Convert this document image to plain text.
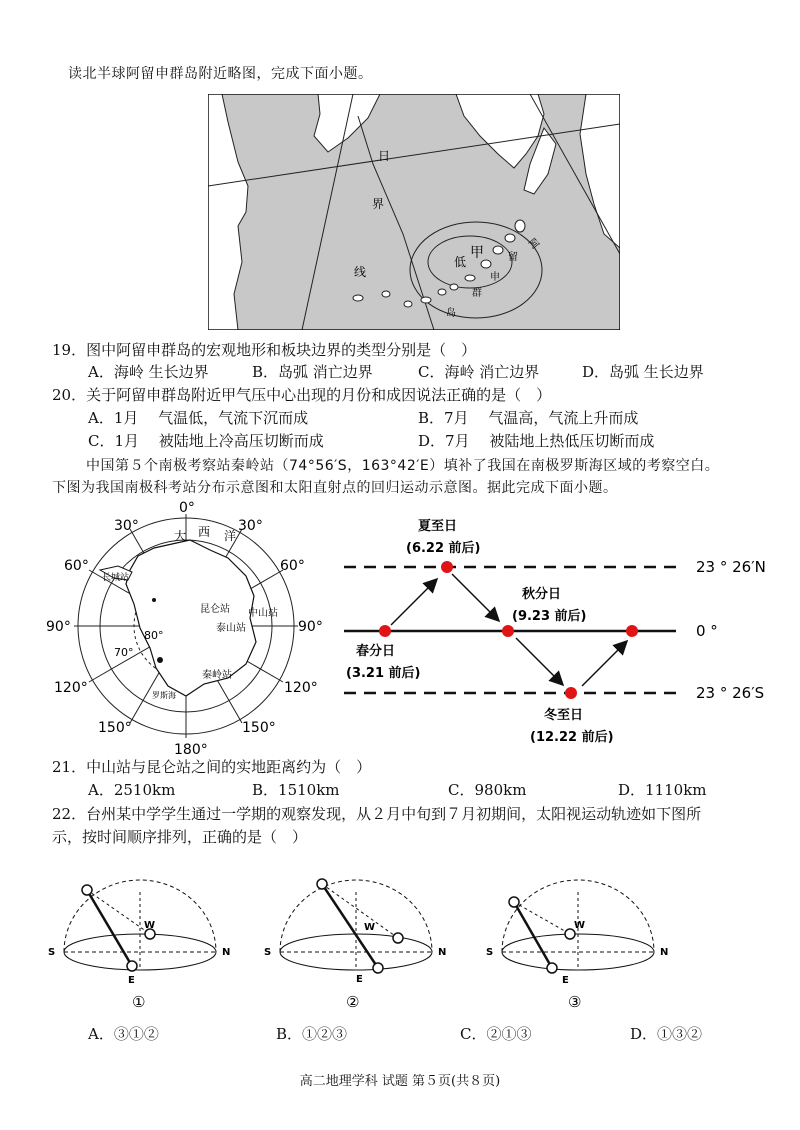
读北半球阿留申群岛附近略图，完成下面小题。
日
界
线
低
甲
阿
留
申
群
岛
19．图中阿留申群岛的宏观地形和板块边界的类型分别是（　）
A．海岭 生长边界	B．岛弧 消亡边界	C．海岭 消亡边界	D．岛弧 生长边界
20．关于阿留申群岛附近甲气压中心出现的月份和成因说法正确的是（　）
A．1月　 气温低，气流下沉而成	B．7月　 气温高，气流上升而成
C．1月　 被陆地上冷高压切断而成	D．7月　 被陆地上热低压切断而成
中国第５个南极考察站秦岭站（74°56′S，163°42′E）填补了我国在南极罗斯海区域的考察空白。
下图为我国南极科考站分布示意图和太阳直射点的回归运动示意图。据此完成下面小题。
0°
30°	30°
60°	60°
90°	90°
120°	120°
150°	150°
180°
80°
70°
大 西 洋
长城站
昆仑站 中山站
泰山站
秦岭站
罗斯海
夏至日
(6.22 前后)
秋分日
(9.23 前后)
春分日
(3.21 前后)
冬至日
(12.22 前后)
23 ° 26′N
0 °
23 ° 26′S
21．中山站与昆仑站之间的实地距离约为（　）
A．2510km	B．1510km	C．980km	D．1110km
22．台州某中学学生通过一学期的观察发现，从２月中旬到７月初期间，太阳视运动轨迹如下图所
示，按时间顺序排列，正确的是（　）
S	N
W
E
①
S	N
W
E
②
S	N
W
E
③
A．③①②	B．①②③	C．②①③	D．①③②
高二地理学科 试题 第５页(共８页)
